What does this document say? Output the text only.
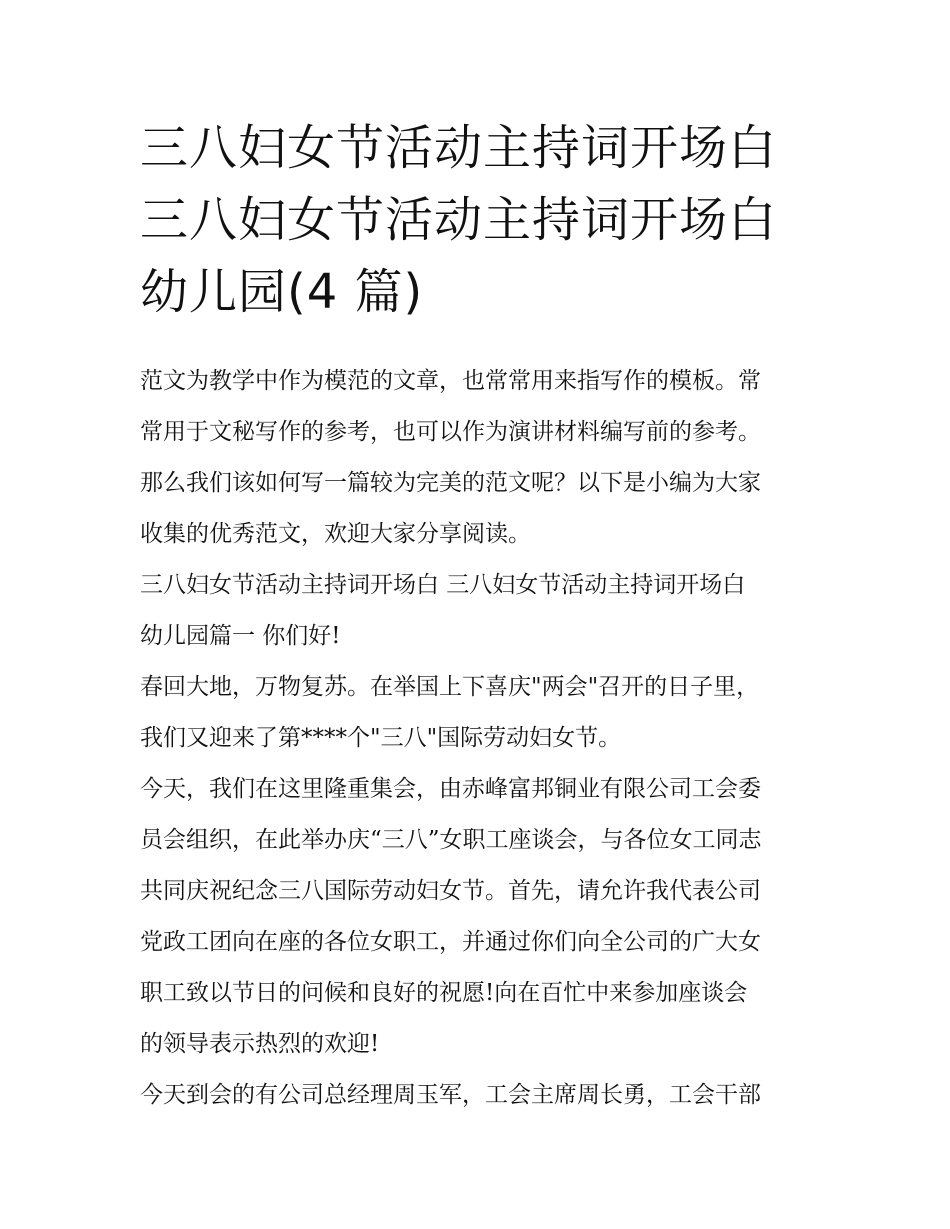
三八妇女节活动主持词开场白
三八妇女节活动主持词开场白
幼儿园(4 篇)
范文为教学中作为模范的文章，也常常用来指写作的模板。常
常用于文秘写作的参考，也可以作为演讲材料编写前的参考。
那么我们该如何写一篇较为完美的范文呢？以下是小编为大家
收集的优秀范文，欢迎大家分享阅读。
三八妇女节活动主持词开场白 三八妇女节活动主持词开场白
幼儿园篇一 你们好!
春回大地，万物复苏。在举国上下喜庆"两会"召开的日子里，
我们又迎来了第****个"三八"国际劳动妇女节。
今天，我们在这里隆重集会，由赤峰富邦铜业有限公司工会委
员会组织，在此举办庆“三八”女职工座谈会，与各位女工同志
共同庆祝纪念三八国际劳动妇女节。首先，请允许我代表公司
党政工团向在座的各位女职工，并通过你们向全公司的广大女
职工致以节日的问候和良好的祝愿!向在百忙中来参加座谈会
的领导表示热烈的欢迎!
今天到会的有公司总经理周玉军，工会主席周长勇，工会干部
